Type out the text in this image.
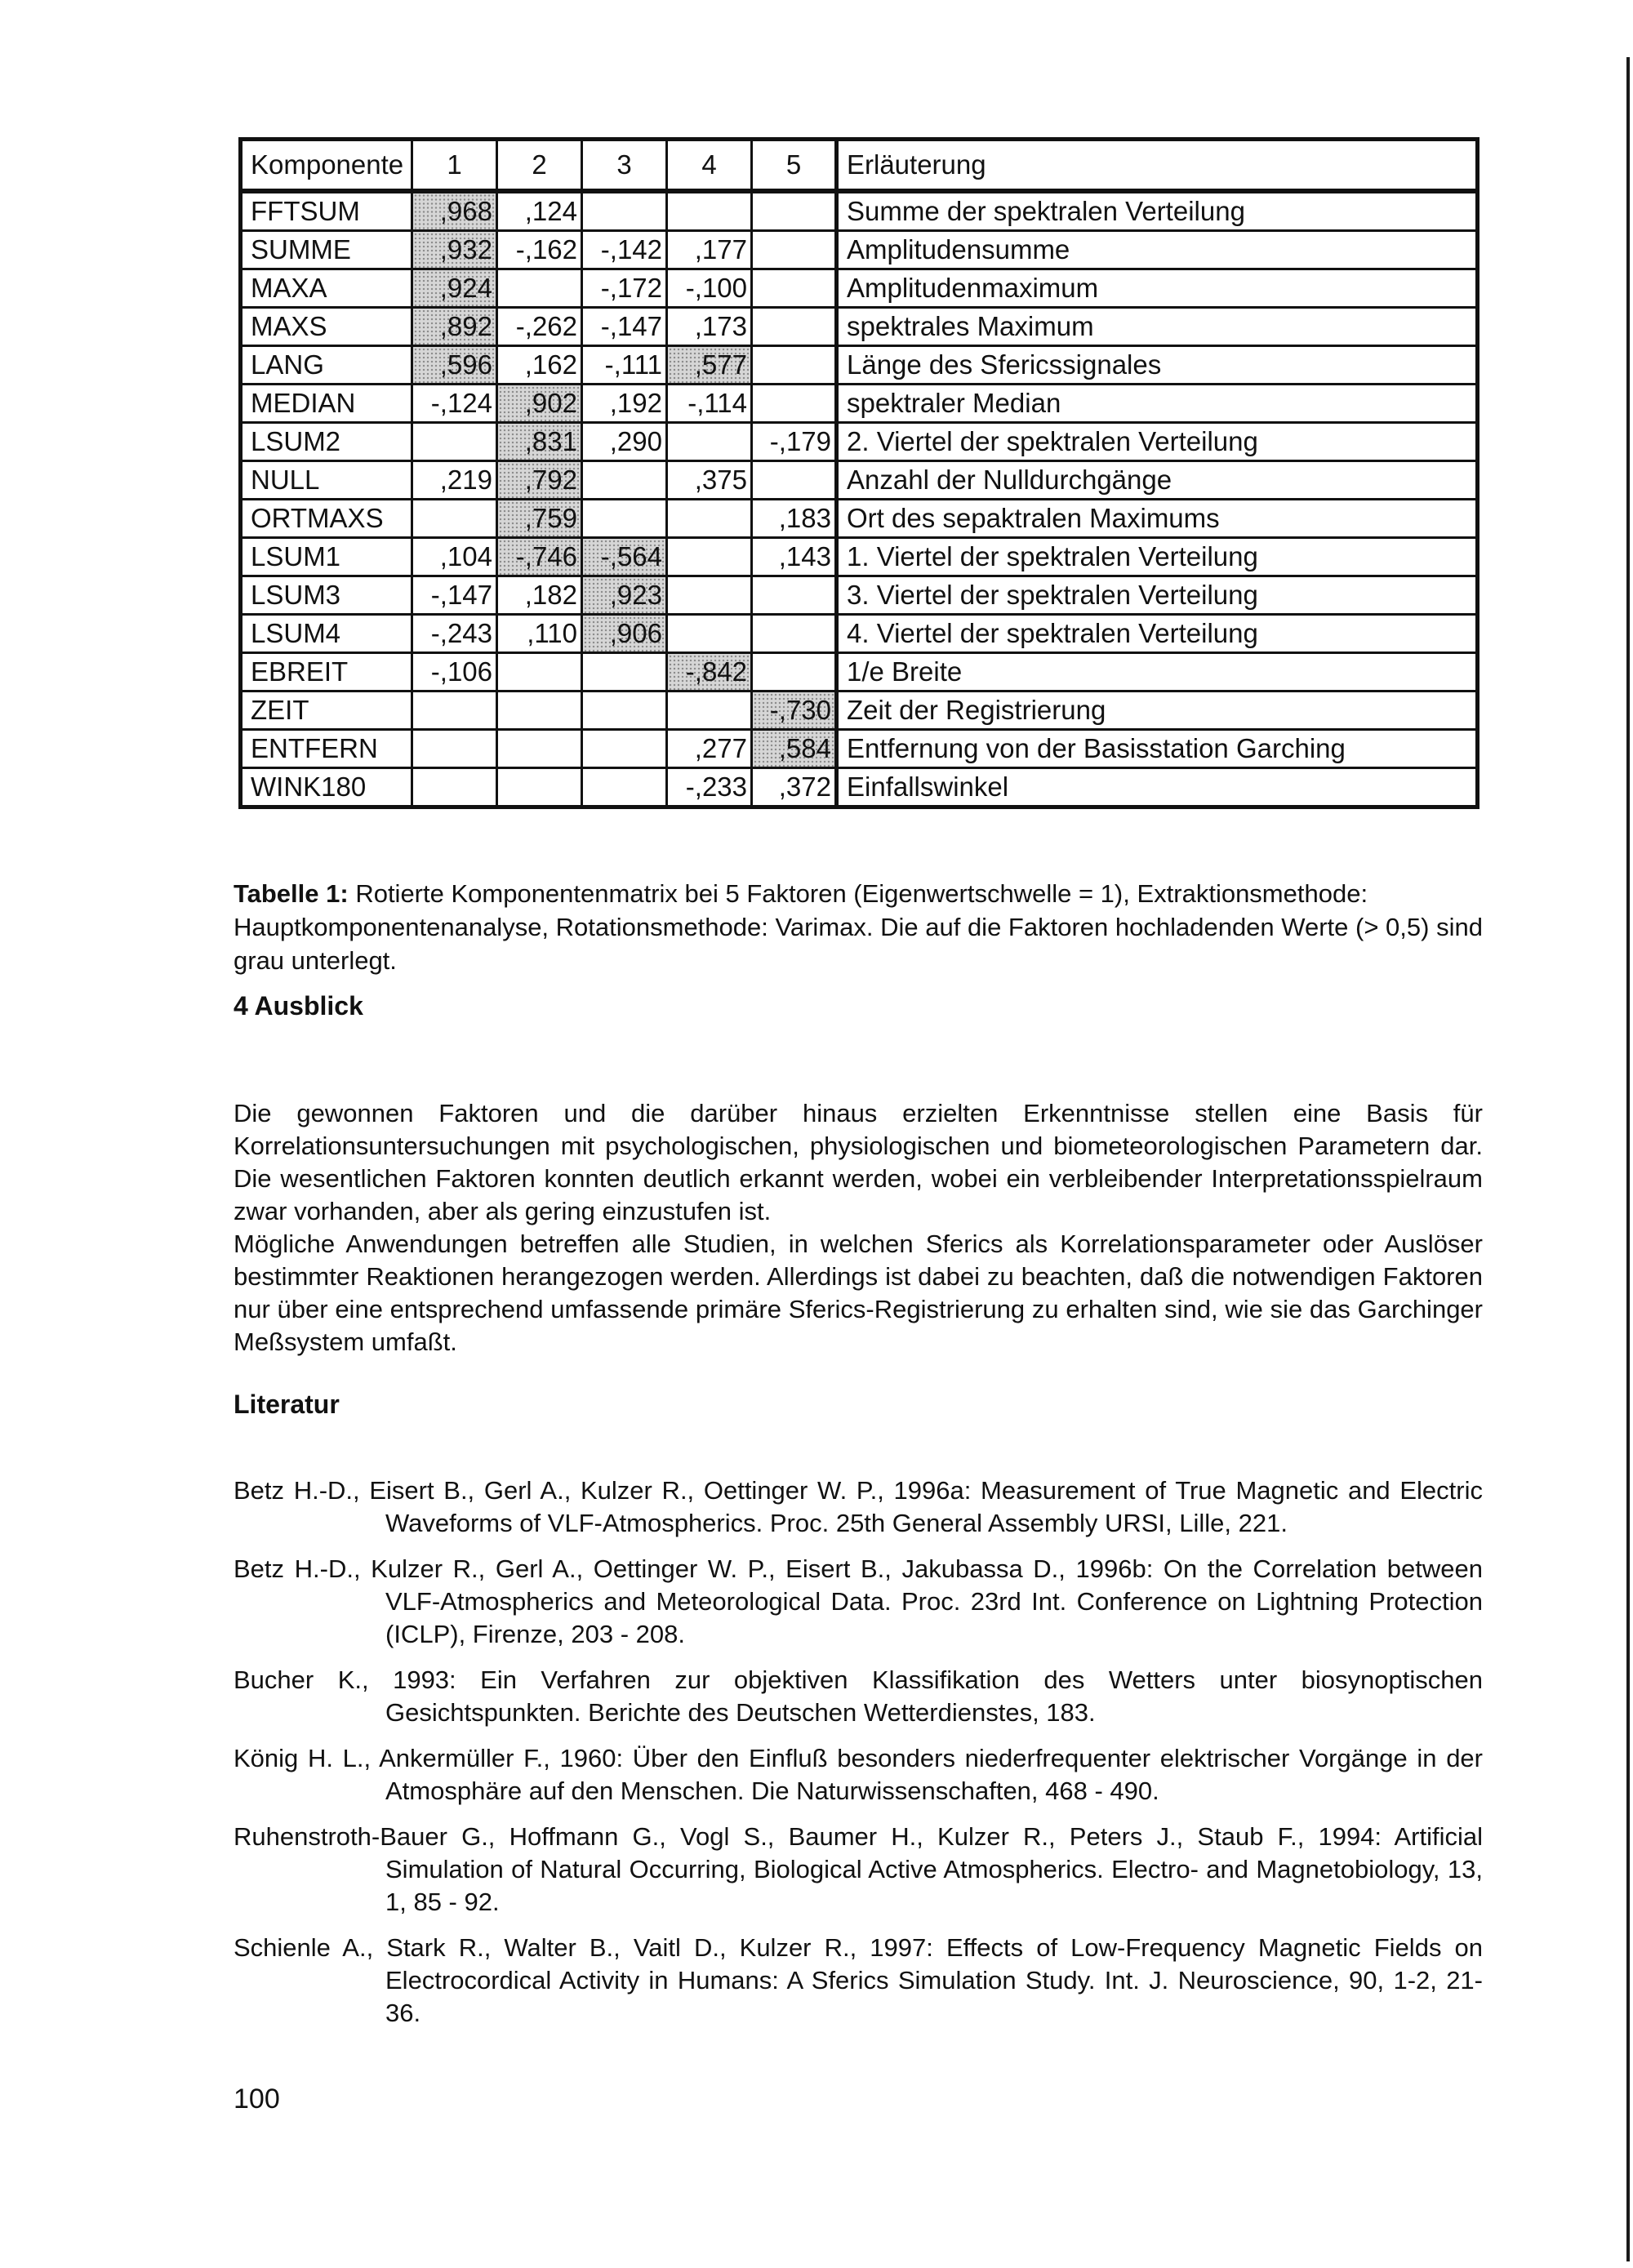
Komponente	1	2	3	4	5	Erläuterung
FFTSUM	,968	,124				Summe der spektralen Verteilung
SUMME	,932	-,162	-,142	,177		Amplitudensumme
MAXA	,924		-,172	-,100		Amplitudenmaximum
MAXS	,892	-,262	-,147	,173		spektrales Maximum
LANG	,596	,162	-,111	,577		Länge des Sfericssignales
MEDIAN	-,124	,902	,192	-,114		spektraler Median
LSUM2		,831	,290		-,179	2. Viertel der spektralen Verteilung
NULL	,219	,792		,375		Anzahl der Nulldurchgänge
ORTMAXS		,759			,183	Ort des sepaktralen Maximums
LSUM1	,104	-,746	-,564		,143	1. Viertel der spektralen Verteilung
LSUM3	-,147	,182	,923			3. Viertel der spektralen Verteilung
LSUM4	-,243	,110	,906			4. Viertel der spektralen Verteilung
EBREIT	-,106			-,842		1/e Breite
ZEIT					-,730	Zeit der Registrierung
ENTFERN				,277	,584	Entfernung von der Basisstation Garching
WINK180				-,233	,372	Einfallswinkel
Tabelle 1: Rotierte Komponentenmatrix bei 5 Faktoren (Eigenwertschwelle = 1), Extraktionsmethode: Hauptkomponentenanalyse, Rotationsmethode: Varimax. Die auf die Faktoren hochladenden Werte (> 0,5) sind grau unterlegt.
4 Ausblick

Die gewonnen Faktoren und die darüber hinaus erzielten Erkenntnisse stellen eine Basis für Korrelationsuntersuchungen mit psychologischen, physiologischen und biometeorologischen Parametern dar. Die wesentlichen Faktoren konnten deutlich erkannt werden, wobei ein verbleibender Interpretationsspielraum zwar vorhanden, aber als gering einzustufen ist.

Mögliche Anwendungen betreffen alle Studien, in welchen Sferics als Korrelationsparameter oder Auslöser bestimmter Reaktionen herangezogen werden. Allerdings ist dabei zu beachten, daß die notwendigen Faktoren nur über eine entsprechend umfassende primäre Sferics-Registrierung zu erhalten sind, wie sie das Garchinger Meßsystem umfaßt.

Literatur
Betz H.-D., Eisert B., Gerl A., Kulzer R., Oettinger W. P., 1996a: Measurement of True Magnetic and Electric Waveforms of VLF-Atmospherics. Proc. 25th General Assembly URSI, Lille, 221.
Betz H.-D., Kulzer R., Gerl A., Oettinger W. P., Eisert B., Jakubassa D., 1996b: On the Correlation between VLF-Atmospherics and Meteorological Data. Proc. 23rd Int. Conference on Lightning Protection (ICLP), Firenze, 203 - 208.
Bucher K., 1993: Ein Verfahren zur objektiven Klassifikation des Wetters unter biosynoptischen Gesichtspunkten. Berichte des Deutschen Wetterdienstes, 183.
König H. L., Ankermüller F., 1960: Über den Einfluß besonders niederfrequenter elektrischer Vorgänge in der Atmosphäre auf den Menschen. Die Naturwissenschaften, 468 - 490.
Ruhenstroth-Bauer G., Hoffmann G., Vogl S., Baumer H., Kulzer R., Peters J., Staub F., 1994: Artificial Simulation of Natural Occurring, Biological Active Atmospherics. Electro- and Magnetobiology, 13, 1, 85 - 92.
Schienle A., Stark R., Walter B., Vaitl D., Kulzer R., 1997: Effects of Low-Frequency Magnetic Fields on Electrocordical Activity in Humans: A Sferics Simulation Study. Int. J. Neuroscience, 90, 1-2, 21-36.
100
